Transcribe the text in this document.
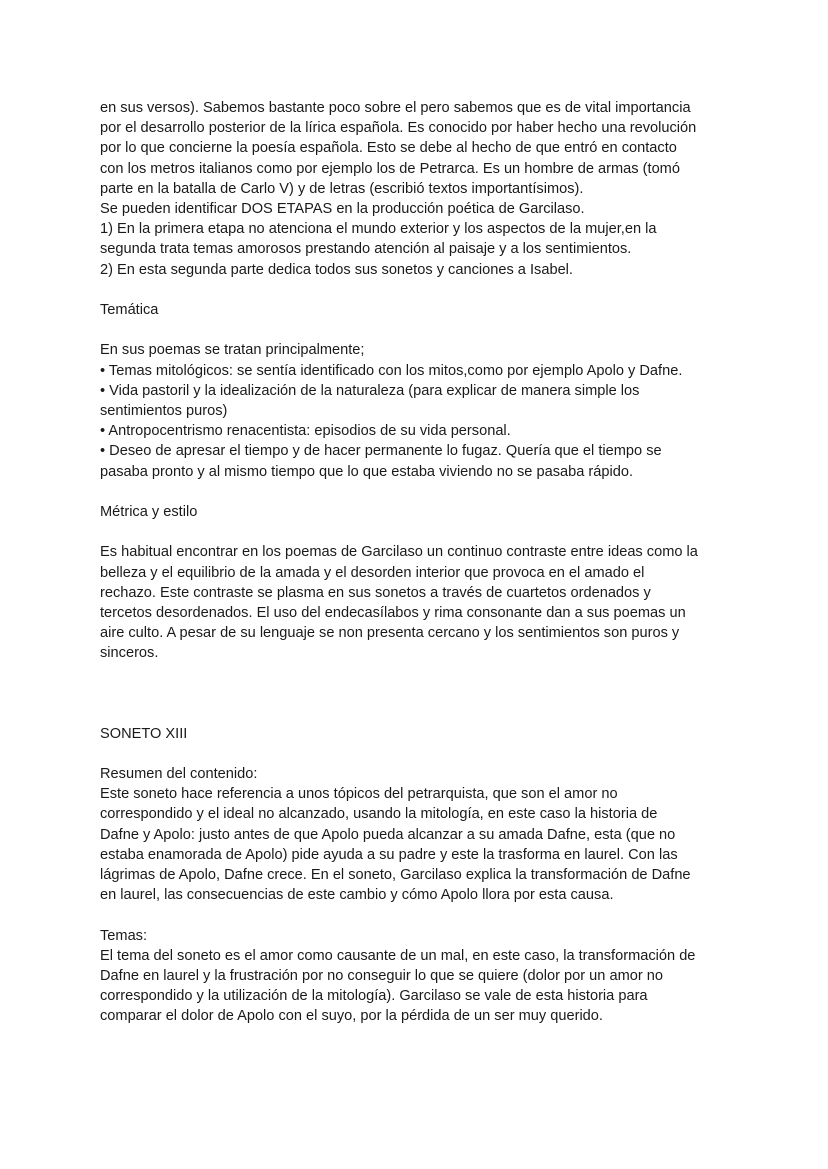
en sus versos). Sabemos bastante poco sobre el pero sabemos que es de vital importancia
por el desarrollo posterior de la lírica española. Es conocido por haber hecho una revolución
por lo que concierne la poesía española. Esto se debe al hecho de que entró en contacto
con los metros italianos como por ejemplo los de Petrarca. Es un hombre de armas (tomó
parte en la batalla de Carlo V) y de letras (escribió textos importantísimos).
Se pueden identificar DOS ETAPAS en la producción poética de Garcilaso.
1) En la primera etapa no atenciona el mundo exterior y los aspectos de la mujer,en la
segunda trata temas amorosos prestando atención al paisaje y a los sentimientos.
2) En esta segunda parte dedica todos sus sonetos y canciones a Isabel.
Temática
En sus poemas se tratan principalmente;
• Temas mitológicos: se sentía identificado con los mitos,como por ejemplo Apolo y Dafne.
• Vida pastoril y la idealización de la naturaleza (para explicar de manera simple los
sentimientos puros)
• Antropocentrismo renacentista: episodios de su vida personal.
• Deseo de apresar el tiempo y de hacer permanente lo fugaz. Quería que el tiempo se
pasaba pronto y al mismo tiempo que lo que estaba viviendo no se pasaba rápido.
Métrica y estilo
Es habitual encontrar en los poemas de Garcilaso un continuo contraste entre ideas como la
belleza y el equilibrio de la amada y el desorden interior que provoca en el amado el
rechazo. Este contraste se plasma en sus sonetos a través de cuartetos ordenados y
tercetos desordenados. El uso del endecasílabos y rima consonante dan a sus poemas un
aire culto. A pesar de su lenguaje se non presenta cercano y los sentimientos son puros y
sinceros.
SONETO XIII
Resumen del contenido:
Este soneto hace referencia a unos tópicos del petrarquista, que son el amor no
correspondido y el ideal no alcanzado, usando la mitología, en este caso la historia de
Dafne y Apolo: justo antes de que Apolo pueda alcanzar a su amada Dafne, esta (que no
estaba enamorada de Apolo) pide ayuda a su padre y este la trasforma en laurel. Con las
lágrimas de Apolo, Dafne crece. En el soneto, Garcilaso explica la transformación de Dafne
en laurel, las consecuencias de este cambio y cómo Apolo llora por esta causa.
Temas:
El tema del soneto es el amor como causante de un mal, en este caso, la transformación de
Dafne en laurel y la frustración por no conseguir lo que se quiere (dolor por un amor no
correspondido y la utilización de la mitología). Garcilaso se vale de esta historia para
comparar el dolor de Apolo con el suyo, por la pérdida de un ser muy querido.
